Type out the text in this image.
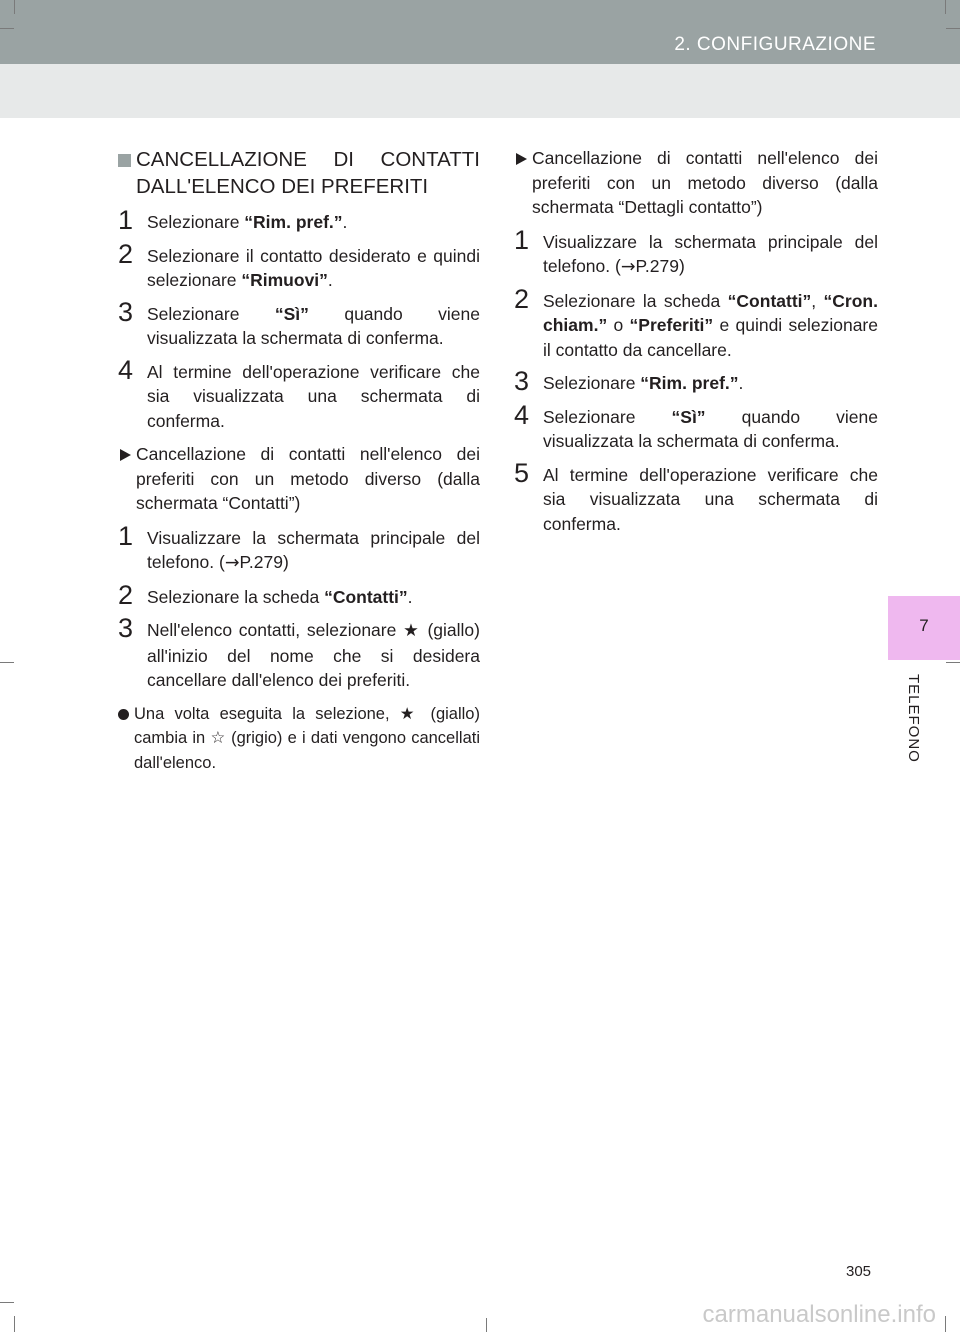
2. CONFIGURAZIONE
7
TELEFONO
CANCELLAZIONE DI CONTATTI DALL'ELENCO DEI PREFERITI
1 Selezionare “Rim. pref.”.
2 Selezionare il contatto desiderato e quindi selezionare “Rimuovi”.
3 Selezionare “Sì” quando viene visualizzata la schermata di conferma.
4 Al termine dell'operazione verificare che sia visualizzata una schermata di conferma.
Cancellazione di contatti nell'elenco dei preferiti con un metodo diverso (dalla schermata “Contatti”)
1 Visualizzare la schermata principale del telefono. (→P.279)
2 Selezionare la scheda “Contatti”.
3 Nell'elenco contatti, selezionare ★ (giallo) all'inizio del nome che si desidera cancellare dall'elenco dei preferiti.
Una volta eseguita la selezione, ★ (giallo) cambia in ☆ (grigio) e i dati vengono cancellati dall'elenco.
Cancellazione di contatti nell'elenco dei preferiti con un metodo diverso (dalla schermata “Dettagli contatto”)
1 Visualizzare la schermata principale del telefono. (→P.279)
2 Selezionare la scheda “Contatti”, “Cron. chiam.” o “Preferiti” e quindi selezionare il contatto da cancellare.
3 Selezionare “Rim. pref.”.
4 Selezionare “Sì” quando viene visualizzata la schermata di conferma.
5 Al termine dell'operazione verificare che sia visualizzata una schermata di conferma.
305
carmanualsonline.info
